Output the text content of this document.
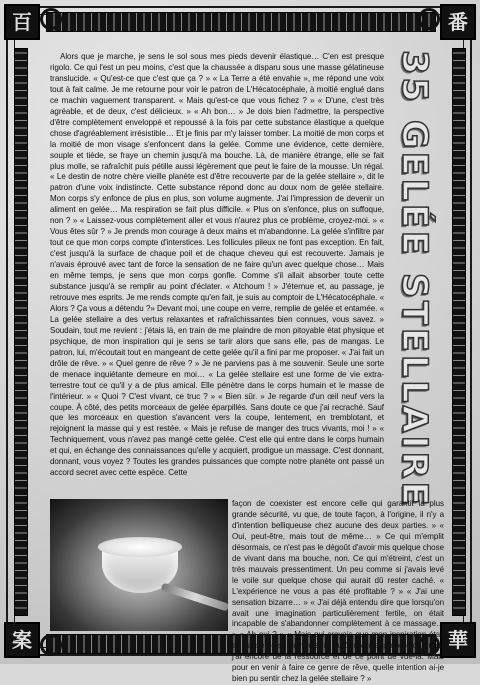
百	番
案	華

Alors que je marche, je sens le sol sous mes pieds devenir élastique… C'en est presque rigolo. Ce qui l'est un peu moins, c'est que la chaussée a disparu sous une masse gélatineuse translucide. « Qu'est-ce que c'est que ça ? » « La Terre a été envahie », me répond une voix tout à fait calme. Je me retourne pour voir le patron de L'Hécatocéphale, à moitié englué dans ce machin vaguement transparent. « Mais qu'est-ce que vous fichez ? » « D'une, c'est très agréable, et de deux, c'est délicieux. » « Ah bon… » Je dois bien l'admettre, la perspective d'être complètement enveloppé et repoussé à la fois par cette substance élastique a quelque chose d'agréablement irrésistible… Et je finis par m'y laisser tomber. La moitié de mon corps et la moitié de mon visage s'enfoncent dans la gelée. Comme une évidence, cette dernière, souple et tiède, se fraye un chemin jusqu'à ma bouche. Là, de manière étrange, elle se fait plus molle, se rafraîchit puis pétille aussi légèrement que peut le faire de la mousse. Un régal. « Le destin de notre chère vieille planète est d'être recouverte par de la gelée stellaire », dit le patron d'une voix indistincte. Cette substance répond donc au doux nom de gelée stellaire. Mon corps s'y enfonce de plus en plus, son volume augmente. J'ai l'impression de devenir un aliment en gelée… Ma respiration se fait plus difficile. « Plus on s'enfonce, plus on suffoque, non ? » « Laissez-vous complètement aller et vous n'aurez plus ce problème, croyez-moi. » « Vous êtes sûr ? » Je prends mon courage à deux mains et m'abandonne. La gelée s'infiltre par tout ce que mon corps compte d'interstices. Les follicules pileux ne font pas exception. En fait, c'est jusqu'à la surface de chaque poil et de chaque cheveu qui est recouverte. Jamais je n'avais éprouvé avec tant de force la sensation de ne faire qu'un avec quelque chose… Mais en même temps, je sens que mon corps gonfle. Comme s'il allait absorber toute cette substance jusqu'à se remplir au point d'éclater. « Atchoum ! » J'éternue et, au passage, je retrouve mes esprits. Je me rends compte qu'en fait, je suis au comptoir de L'Hécatocéphale. « Alors ? Ça vous a détendu ?» Devant moi, une coupe en verre, remplie de gelée et entamée. « La gelée stellaire a des vertus relaxantes et rafraîchissantes bien connues, vous savez. » Soudain, tout me revient : j'étais là, en train de me plaindre de mon pitoyable état physique et psychique, de mon inspiration qui je sens se tarir alors que sans elle, pas de mangas. Le patron, lui, m'écoutait tout en mangeant de cette gelée qu'il a fini par me proposer. « J'ai fait un drôle de rêve. » « Quel genre de rêve ? » Je ne parviens pas à me souvenir. Seule une sorte de menace inquiétante demeure en moi… « La gelée stellaire est une forme de vie extra-terrestre tout ce qu'il y a de plus amical. Elle pénètre dans le corps humain et le masse de l'intérieur. » « Quoi ? C'est vivant, ce truc ? » « Bien sûr. » Je regarde d'un œil neuf vers la coupe. À côté, des petits morceaux de gelée éparpillés. Sans doute ce que j'ai recraché. Sauf que les morceaux en question s'avancent vers la coupe, lentement, en tremblotant, et rejoignent la masse qui y est restée. « Mais je refuse de manger des trucs vivants, moi ! » « Techniquement, vous n'avez pas mangé cette gelée. C'est elle qui entre dans le corps humain et qui, en échange des connaissances qu'elle y acquiert, prodigue un massage. C'est donnant, donnant, vous voyez ? Toutes les grandes puissances que compte notre planète ont passé un accord secret avec cette espèce. Cette	35 GELÉE STELLAIRE
façon de coexister est encore celle qui garantit la plus grande sécurité, vu que, de toute façon, à l'origine, il n'y a d'intention belliqueuse chez aucune des deux parties. » « Oui, peut-être, mais tout de même… » Ce qui m'emplit désormais, ce n'est pas le dégoût d'avoir mis quelque chose de vivant dans ma bouche, non. Ce qui m'étreint, c'est un très mauvais pressentiment. Un peu comme si j'avais levé le voile sur quelque chose qui aurait dû rester caché. « L'expérience ne vous a pas été profitable ? » « J'ai une sensation bizarre… » « J'ai déjà entendu dire que lorsqu'on avait une imagination particulièrement fertile, on était incapable de s'abandonner complètement à ce massage… » « Ah oui ? » « Mais qui croyais que mon inspiration était en passe de se tarir, je suis plutôt ravi d'apprendre que non, j'ai encore de la ressource et de ce point de vue-là. Mais pour en venir à faire ce genre de rêve, quelle intention ai-je bien pu sentir chez la gelée stellaire ? »
